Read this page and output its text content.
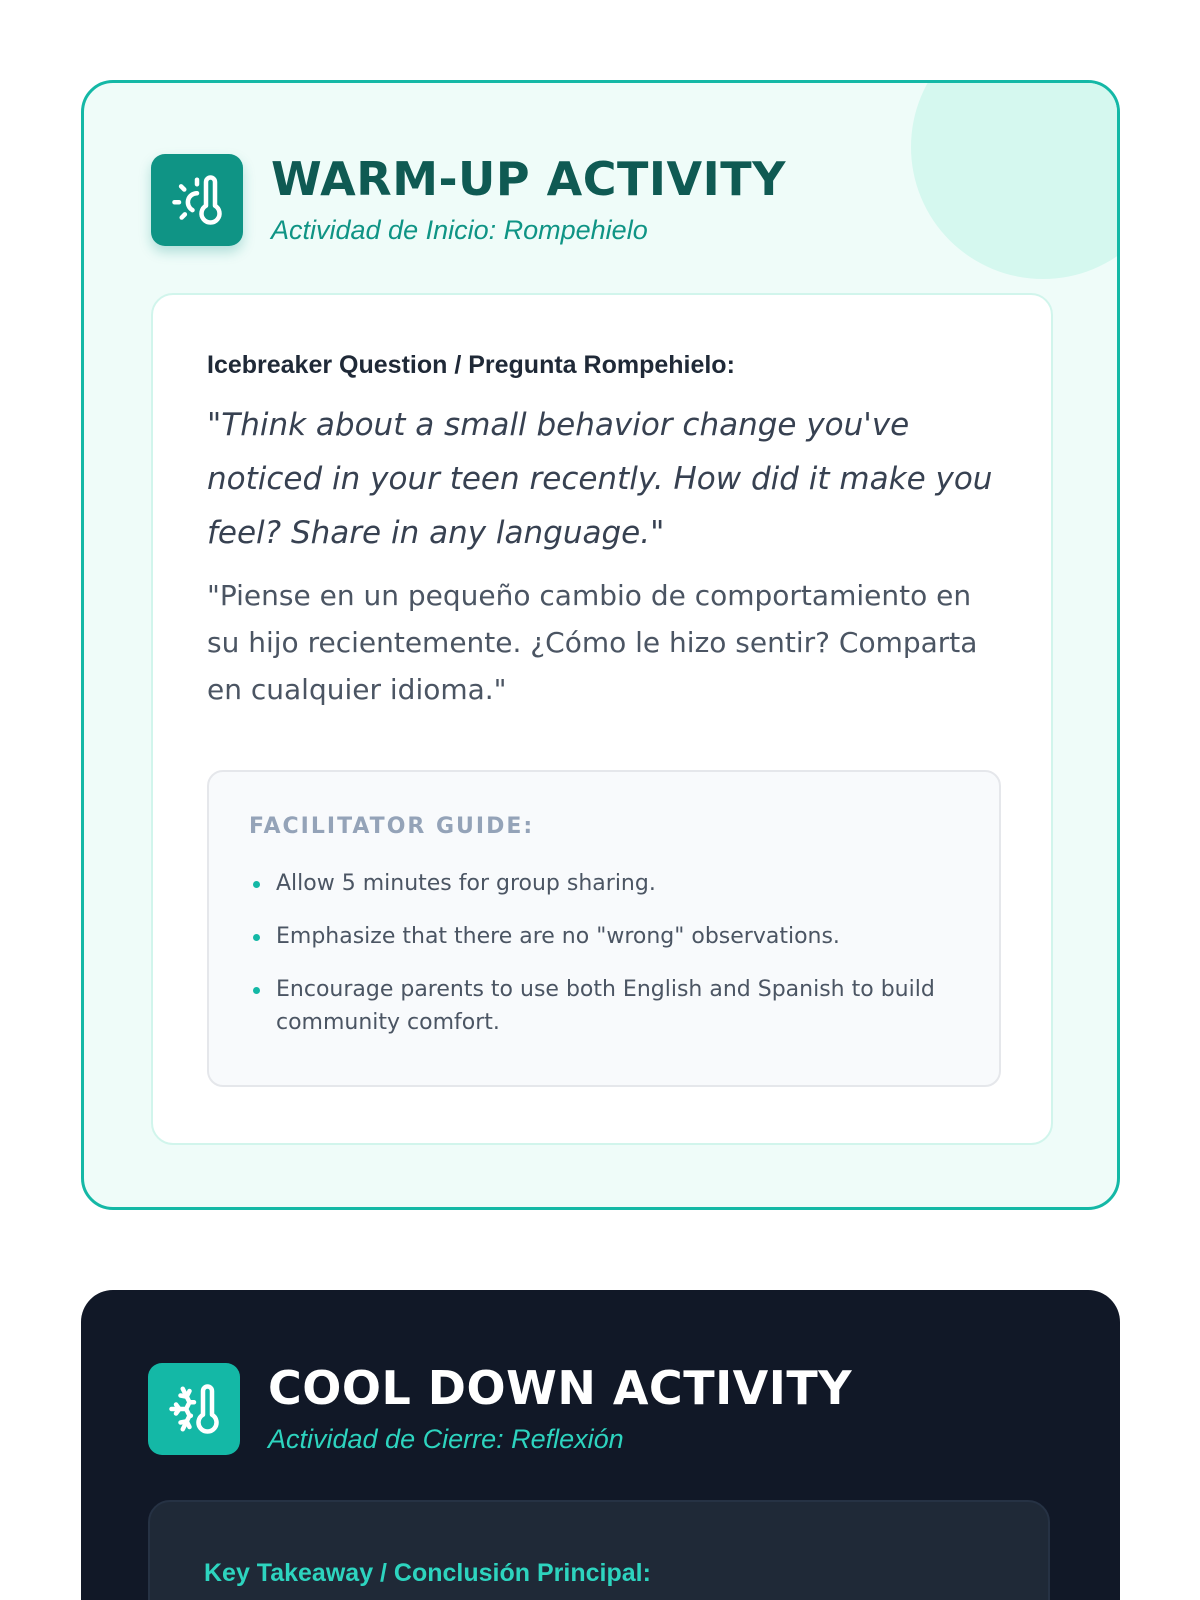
WARM-UP ACTIVITY
Actividad de Inicio: Rompehielo
Icebreaker Question / Pregunta Rompehielo:

"Think about a small behavior change you've noticed in your teen recently. How did it make you feel? Share in any language."

"Piense en un pequeño cambio de comportamiento en su hijo recientemente. ¿Cómo le hizo sentir? Comparta en cualquier idioma."

FACILITATOR GUIDE:
Allow 5 minutes for group sharing.
Emphasize that there are no "wrong" observations.
Encourage parents to use both English and Spanish to build community comfort.
COOL DOWN ACTIVITY
Actividad de Cierre: Reflexión
Key Takeaway / Conclusión Principal:
